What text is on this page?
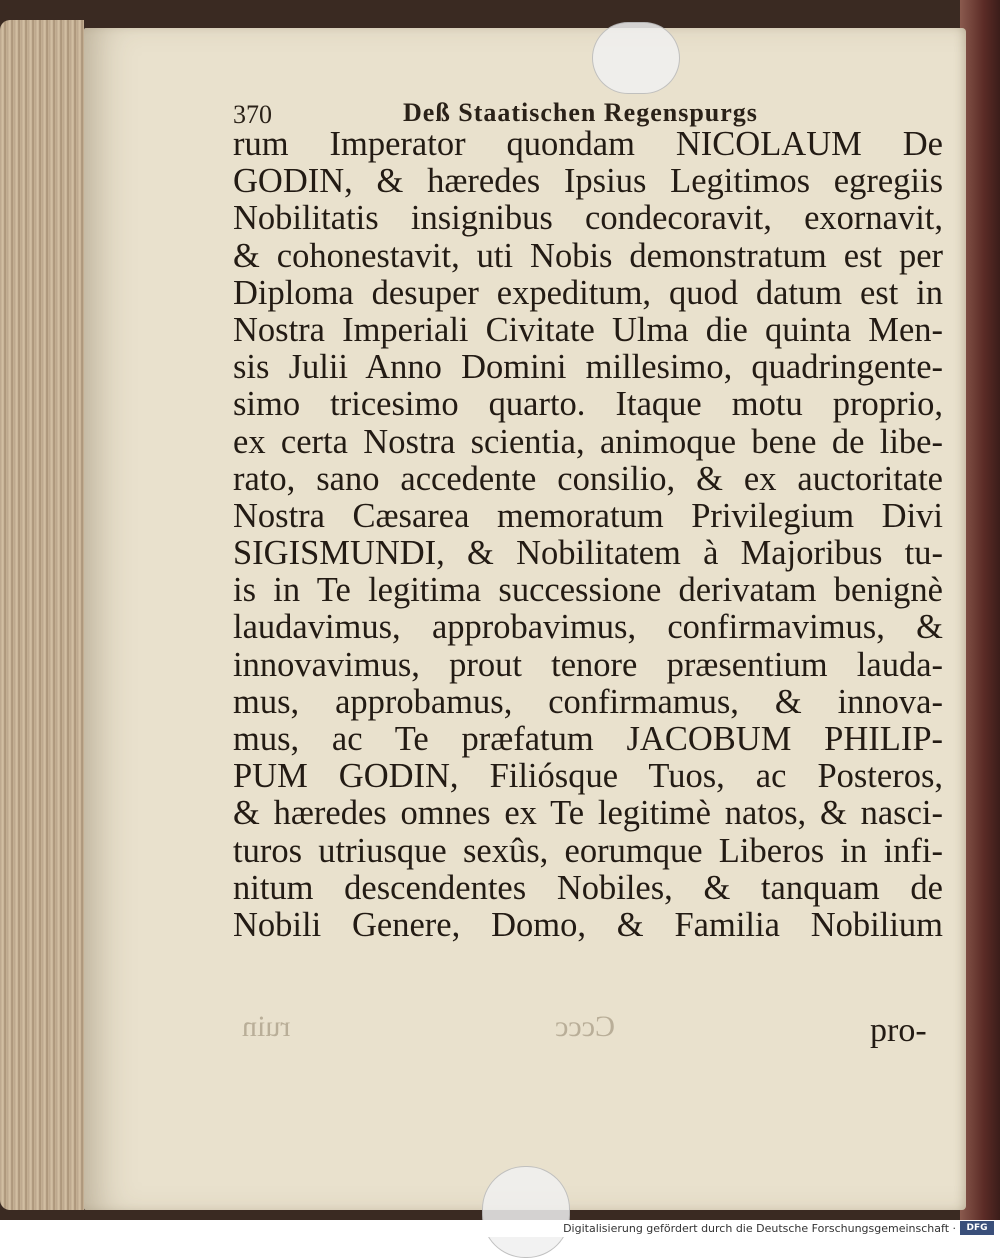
370	Deß Staatischen Regenspurgs
rum Imperator quondam NICOLAUM De
GODIN, & hæredes Ipsius Legitimos egregiis
Nobilitatis insignibus condecoravit, exornavit,
& cohonestavit, uti Nobis demonstratum est per
Diploma desuper expeditum, quod datum est in
Nostra Imperiali Civitate Ulma die quinta Men-
sis Julii Anno Domini millesimo, quadringente-
simo tricesimo quarto. Itaque motu proprio,
ex certa Nostra scientia, animoque bene de libe-
rato, sano accedente consilio, & ex auctoritate
Nostra Cæsarea memoratum Privilegium Divi
SIGISMUNDI, & Nobilitatem à Majoribus tu-
is in Te legitima successione derivatam benignè
laudavimus, approbavimus, confirmavimus, &
innovavimus, prout tenore præsentium lauda-
mus, approbamus, confirmamus, & innova-
mus, ac Te præfatum JACOBUM PHILIP-
PUM GODIN, Filiósque Tuos, ac Posteros,
& hæredes omnes ex Te legitimè natos, & nasci-
turos utriusque sexûs, eorumque Liberos in infi-
nitum descendentes Nobiles, & tanquam de
Nobili Genere, Domo, & Familia Nobilium
ruin	Cccc	pro-
Digitalisierung gefördert durch die Deutsche Forschungsgemeinschaft ·	DFG
